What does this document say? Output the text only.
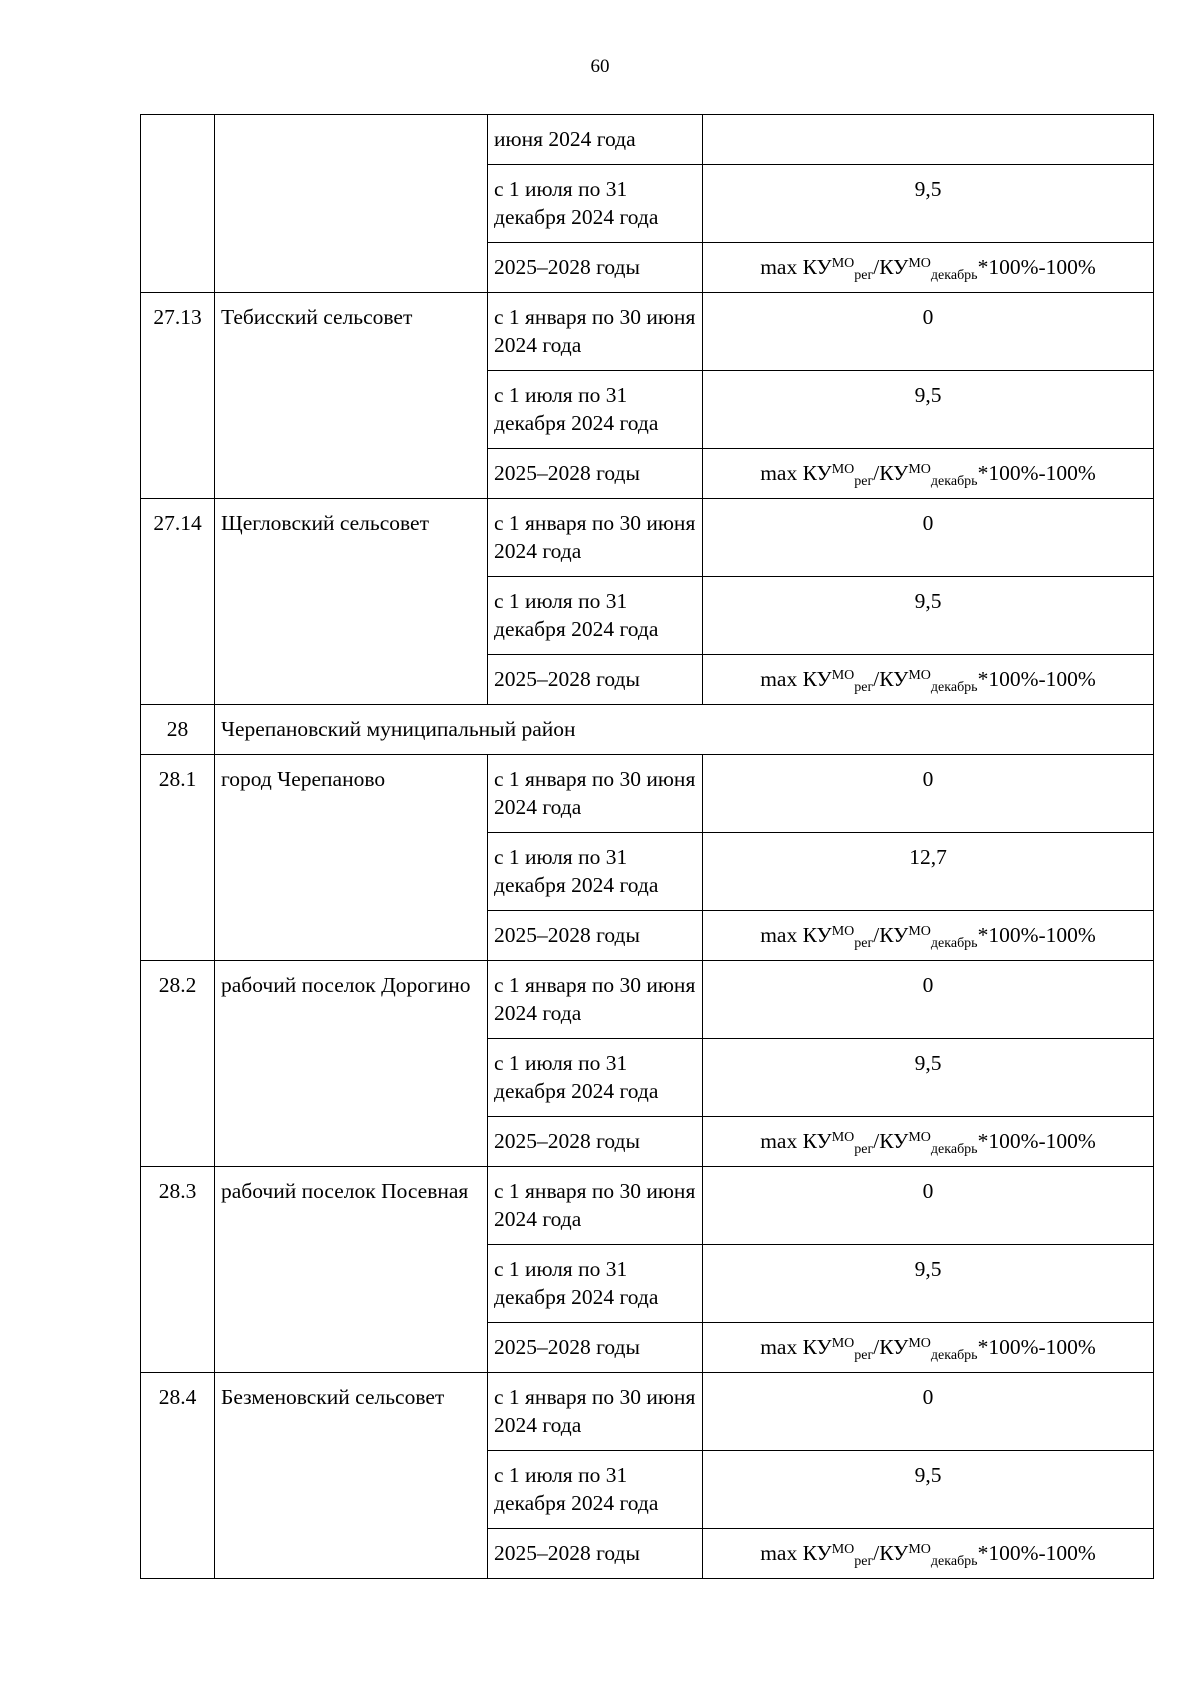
60
		июня 2024 года	
		с 1 июля по 31 декабря 2024 года	9,5
		2025–2028 годы	$\max КУ^{МО}_{рег}/КУ^{МО}_{декабрь}*100\%-100\%$
27.13	Тебисский сельсовет	с 1 января по 30 июня 2024 года	0
		с 1 июля по 31 декабря 2024 года	9,5
		2025–2028 годы	$\max КУ^{МО}_{рег}/КУ^{МО}_{декабрь}*100\%-100\%$
27.14	Щегловский сельсовет	с 1 января по 30 июня 2024 года	0
		с 1 июля по 31 декабря 2024 года	9,5
		2025–2028 годы	$\max КУ^{МО}_{рег}/КУ^{МО}_{декабрь}*100\%-100\%$
28	Черепановский муниципальный район		
28.1	город Черепаново	с 1 января по 30 июня 2024 года	0
		с 1 июля по 31 декабря 2024 года	12,7
		2025–2028 годы	$\max КУ^{МО}_{рег}/КУ^{МО}_{декабрь}*100\%-100\%$
28.2	рабочий поселок Дорогино	с 1 января по 30 июня 2024 года	0
		с 1 июля по 31 декабря 2024 года	9,5
		2025–2028 годы	$\max КУ^{МО}_{рег}/КУ^{МО}_{декабрь}*100\%-100\%$
28.3	рабочий поселок Посевная	с 1 января по 30 июня 2024 года	0
		с 1 июля по 31 декабря 2024 года	9,5
		2025–2028 годы	$\max КУ^{МО}_{рег}/КУ^{МО}_{декабрь}*100\%-100\%$
28.4	Безменовский сельсовет	с 1 января по 30 июня 2024 года	0
		с 1 июля по 31 декабря 2024 года	9,5
		2025–2028 годы	$\max КУ^{МО}_{рег}/КУ^{МО}_{декабрь}*100\%-100\%$
